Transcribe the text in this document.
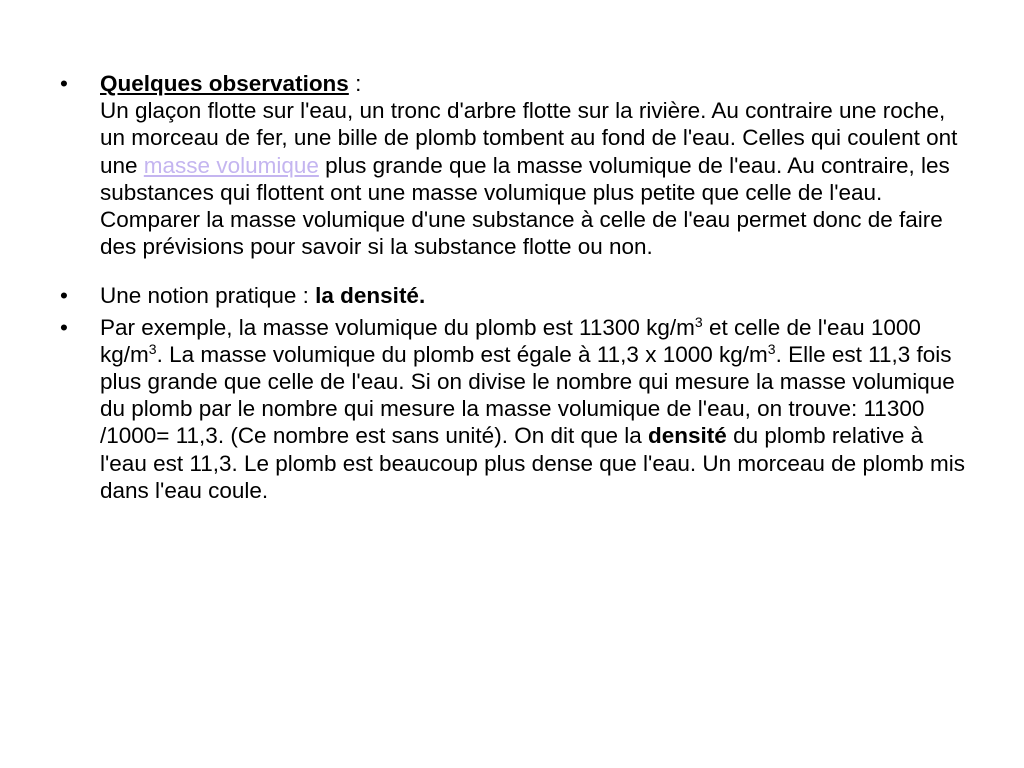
•	Quelques observations :
Un glaçon flotte sur l'eau, un tronc d'arbre flotte sur la rivière. Au contraire une roche, un morceau de fer, une bille de plomb tombent au fond de l'eau. Celles qui coulent ont une masse volumique plus grande que la masse volumique de l'eau. Au contraire, les substances qui flottent ont une masse volumique plus petite que celle de l'eau.
Comparer la masse volumique d'une substance à celle de l'eau permet donc de faire des prévisions pour savoir si la substance flotte ou non.
•	Une notion pratique : la densité.
•	Par exemple, la masse volumique du plomb est 11300 $kg/m^3$ et celle de l'eau 1000 $kg/m^3$. La masse volumique du plomb est égale à 11,3 x 1000 $kg/m^3$. Elle est 11,3 fois plus grande que celle de l'eau. Si on divise le nombre qui mesure la masse volumique du plomb par le nombre qui mesure la masse volumique de l'eau, on trouve: 11300 /1000= 11,3. (Ce nombre est sans unité). On dit que la densité du plomb relative à l'eau est 11,3. Le plomb est beaucoup plus dense que l'eau. Un morceau de plomb mis dans l'eau coule.
